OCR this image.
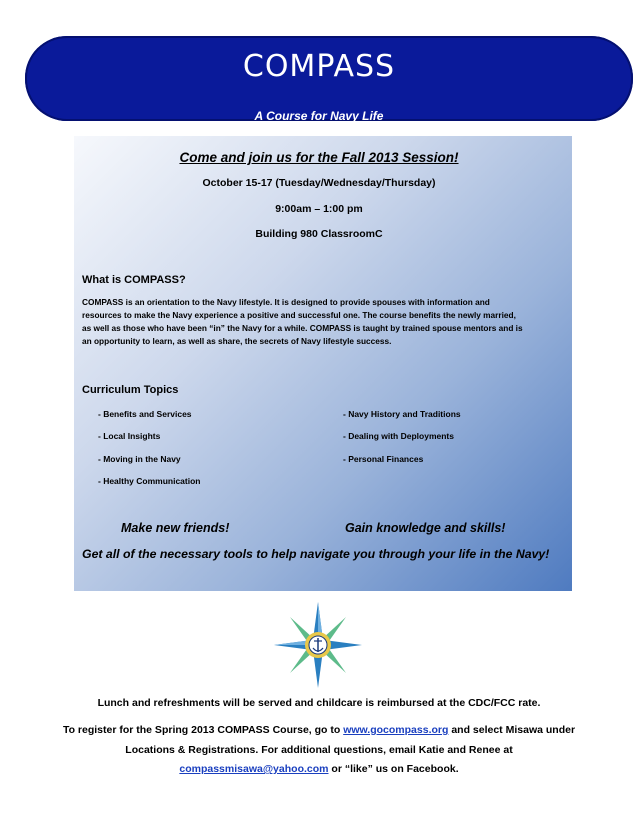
COMPASS
A Course for Navy Life
Come and join us for the Fall 2013 Session!
October 15-17 (Tuesday/Wednesday/Thursday)
9:00am – 1:00 pm
Building 980 ClassroomC
What is COMPASS?
COMPASS is an orientation to the Navy lifestyle. It is designed to provide spouses with information and
resources to make the Navy experience a positive and successful one. The course benefits the newly married,
as well as those who have been “in” the Navy for a while. COMPASS is taught by trained spouse mentors and is
an opportunity to learn, as well as share, the secrets of Navy lifestyle success.
Curriculum Topics
- Benefits and Services
- Local Insights
- Moving in the Navy
- Healthy Communication
- Navy History and Traditions
- Dealing with Deployments
- Personal Finances
Make new friends!	Gain knowledge and skills!
Get all of the necessary tools to help navigate you through your life in the Navy!
Lunch and refreshments will be served and childcare is reimbursed at the CDC/FCC rate.
To register for the Spring 2013 COMPASS Course, go to www.gocompass.org and select Misawa under
Locations & Registrations. For additional questions, email Katie and Renee at
compassmisawa@yahoo.com or “like” us on Facebook.
